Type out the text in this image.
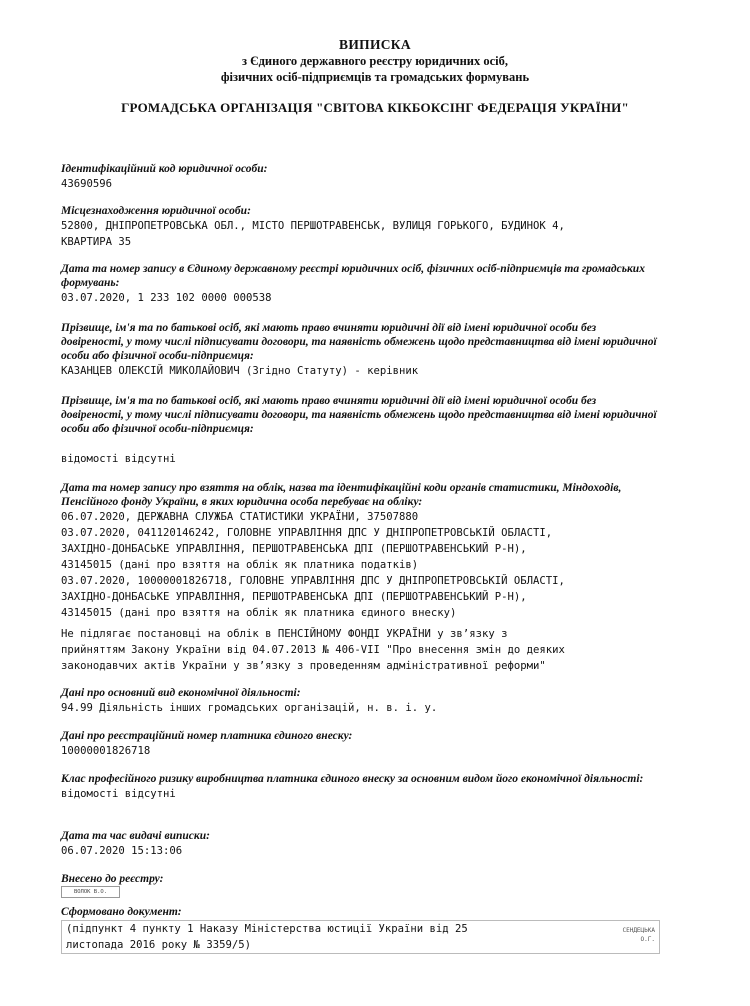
ВИПИСКА
з Єдиного державного реєстру юридичних осіб,
фізичних осіб-підприємців та громадських формувань
ГРОМАДСЬКА ОРГАНІЗАЦІЯ "СВІТОВА КІКБОКСІНГ ФЕДЕРАЦІЯ УКРАЇНИ"
Ідентифікаційний код юридичної особи:
43690596
Місцезнаходження юридичної особи:
52800, ДНІПРОПЕТРОВСЬКА ОБЛ., МІСТО ПЕРШОТРАВЕНСЬК, ВУЛИЦЯ ГОРЬКОГО, БУДИНОК 4,
КВАРТИРА 35
Дата та номер запису в Єдиному державному реєстрі юридичних осіб, фізичних осіб-підприємців та громадських формувань:
03.07.2020, 1 233 102 0000 000538
Прізвище, ім'я та по батькові осіб, які мають право вчиняти юридичні дії від імені юридичної особи без довіреності, у тому числі підписувати договори, та наявність обмежень щодо представництва від імені юридичної особи або фізичної особи-підприємця:
КАЗАНЦЕВ ОЛЕКСІЙ МИКОЛАЙОВИЧ (Згідно Статуту) - керівник
Прізвище, ім'я та по батькові осіб, які мають право вчиняти юридичні дії від імені юридичної особи без довіреності, у тому числі підписувати договори, та наявність обмежень щодо представництва від імені юридичної особи або фізичної особи-підприємця:
відомості відсутні
Дата та номер запису про взяття на облік, назва та ідентифікаційні коди органів статистики, Міндоходів, Пенсійного фонду України, в яких юридична особа перебуває на обліку:
06.07.2020, ДЕРЖАВНА СЛУЖБА СТАТИСТИКИ УКРАЇНИ, 37507880
03.07.2020, 041120146242, ГОЛОВНЕ УПРАВЛІННЯ ДПС У ДНІПРОПЕТРОВСЬКІЙ ОБЛАСТІ,
ЗАХІДНО-ДОНБАСЬКЕ УПРАВЛІННЯ, ПЕРШОТРАВЕНСЬКА ДПІ (ПЕРШОТРАВЕНСЬКИЙ Р-Н),
43145015 (дані про взяття на облік як платника податків)
03.07.2020, 10000001826718, ГОЛОВНЕ УПРАВЛІННЯ ДПС У ДНІПРОПЕТРОВСЬКІЙ ОБЛАСТІ,
ЗАХІДНО-ДОНБАСЬКЕ УПРАВЛІННЯ, ПЕРШОТРАВЕНСЬКА ДПІ (ПЕРШОТРАВЕНСЬКИЙ Р-Н),
43145015 (дані про взяття на облік як платника єдиного внеску)
Не підлягає постановці на облік в ПЕНСІЙНОМУ ФОНДІ УКРАЇНИ у зв’язку з
прийняттям Закону України від 04.07.2013 № 406-VII "Про внесення змін до деяких
законодавчих актів України у зв’язку з проведенням адміністративної реформи"
Дані про основний вид економічної діяльності:
94.99 Діяльність інших громадських організацій, н. в. і. у.
Дані про реєстраційний номер платника єдиного внеску:
10000001826718
Клас професійного ризику виробництва платника єдиного внеску за основним видом його економічної діяльності:
відомості відсутні
Дата та час видачі виписки:
06.07.2020 15:13:06
Внесено до реєстру:
ВОЛОК В.О.
Сформовано документ:
(підпункт 4 пункту 1 Наказу Міністерства юстиції України від 25
листопада 2016 року № 3359/5)
СЕНДЕЦЬКА
О.Г.
